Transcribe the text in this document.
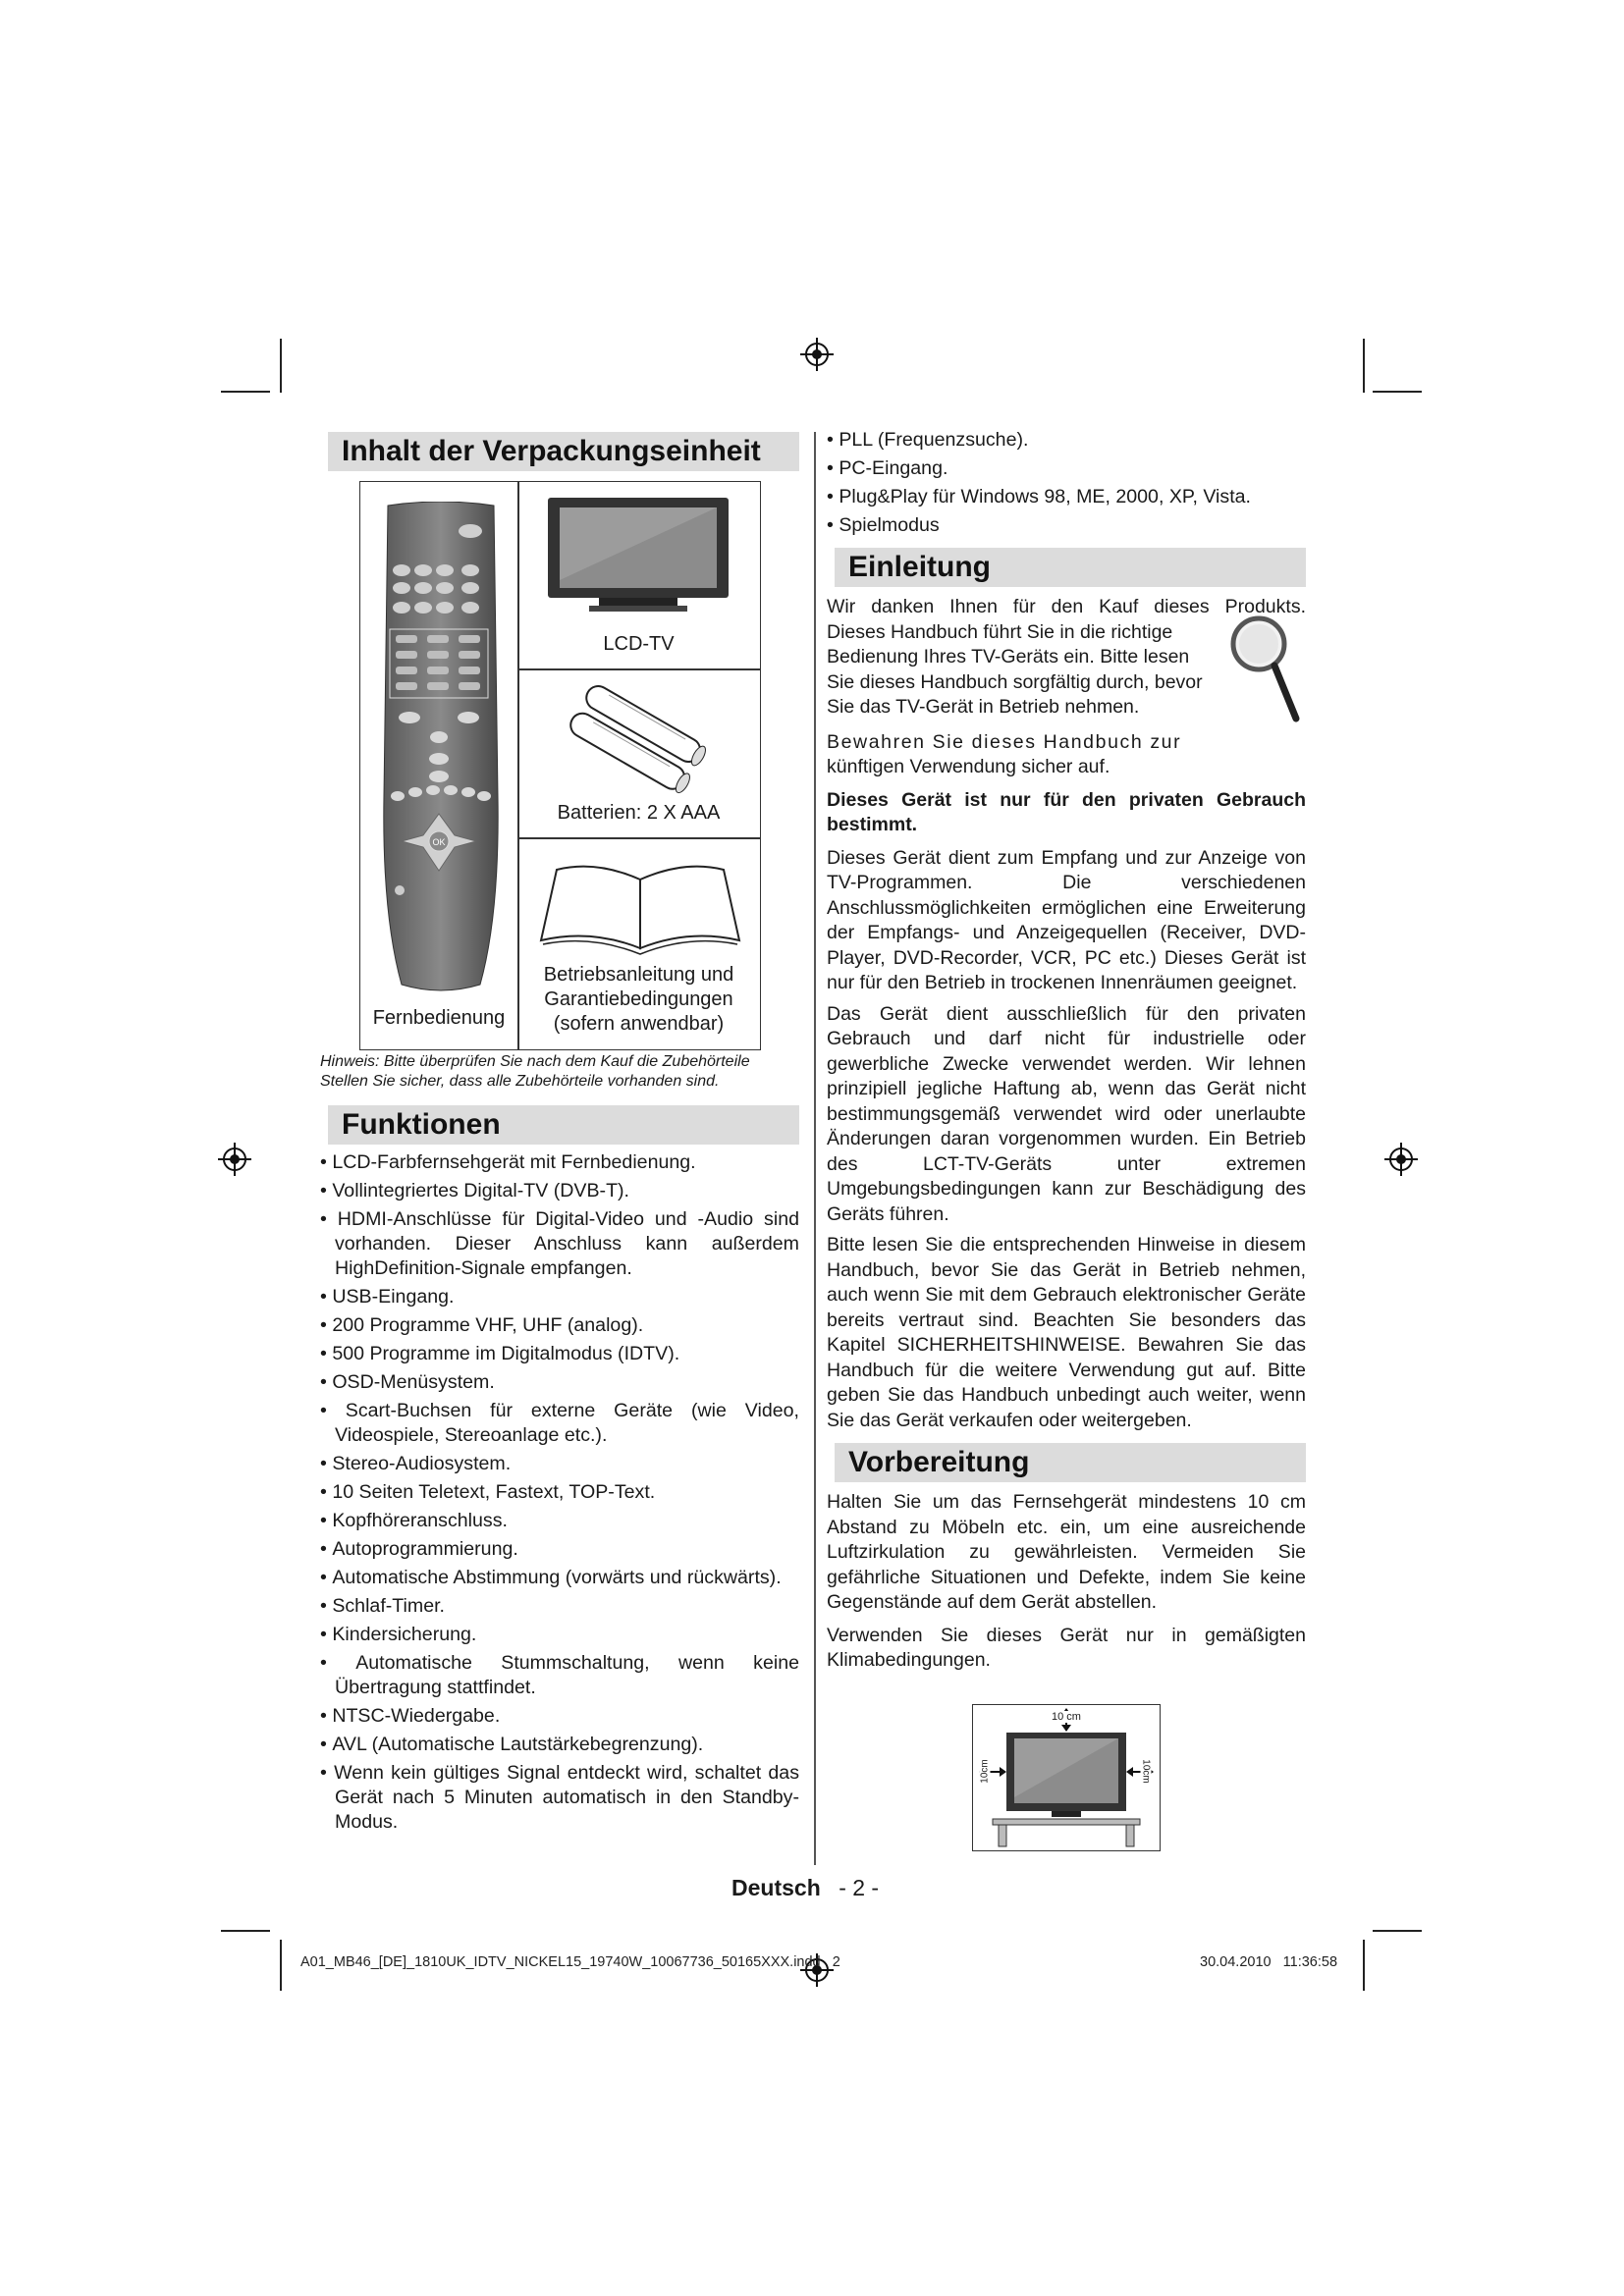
Inhalt der Verpackungseinheit
OK
Fernbedienung
LCD-TV
Batterien: 2 X AAA
Betriebsanleitung und
Garantiebedingungen
(sofern anwendbar)
Hinweis: Bitte überprüfen Sie nach dem Kauf die Zubehörteile
Stellen Sie sicher, dass alle Zubehörteile vorhanden sind.
Funktionen
• LCD-Farbfernsehgerät mit Fernbedienung.
• Vollintegriertes Digital-TV (DVB-T).
• HDMI-Anschlüsse für Digital-Video und -Audio sind vorhanden. Dieser Anschluss kann außerdem HighDefinition-Signale empfangen.
• USB-Eingang.
• 200 Programme VHF, UHF (analog).
• 500 Programme im Digitalmodus (IDTV).
• OSD-Menüsystem.
• Scart-Buchsen für externe Geräte (wie Video, Videospiele, Stereoanlage etc.).
• Stereo-Audiosystem.
• 10 Seiten Teletext, Fastext, TOP-Text.
• Kopfhöreranschluss.
• Autoprogrammierung.
• Automatische Abstimmung (vorwärts und rückwärts).
• Schlaf-Timer.
• Kindersicherung.
• Automatische Stummschaltung, wenn keine Übertragung stattfindet.
• NTSC-Wiedergabe.
• AVL (Automatische Lautstärkebegrenzung).
• Wenn kein gültiges Signal entdeckt wird, schaltet das Gerät nach 5 Minuten automatisch in den Standby-Modus.
• PLL (Frequenzsuche).
• PC-Eingang.
• Plug&Play für Windows 98, ME, 2000, XP, Vista.
• Spielmodus
Einleitung
Wir danken Ihnen für den Kauf dieses Produkts.
Dieses Handbuch führt Sie in die richtige
Bedienung Ihres TV-Geräts ein. Bitte lesen
Sie dieses Handbuch sorgfältig durch, bevor
Sie das TV-Gerät in Betrieb nehmen.
Bewahren Sie dieses Handbuch zur
künftigen Verwendung sicher auf.

Dieses Gerät ist nur für den privaten Gebrauch bestimmt.

Dieses Gerät dient zum Empfang und zur Anzeige von TV-Programmen. Die verschiedenen Anschlussmöglichkeiten ermöglichen eine Erweiterung der Empfangs- und Anzeigequellen (Receiver, DVD-Player, DVD-Recorder, VCR, PC etc.) Dieses Gerät ist nur für den Betrieb in trockenen Innenräumen geeignet.

Das Gerät dient ausschließlich für den privaten Gebrauch und darf nicht für industrielle oder gewerbliche Zwecke verwendet werden. Wir lehnen prinzipiell jegliche Haftung ab, wenn das Gerät nicht bestimmungsgemäß verwendet wird oder unerlaubte Änderungen daran vorgenommen wurden. Ein Betrieb des LCT-TV-Geräts unter extremen Umgebungsbedingungen kann zur Beschädigung des Geräts führen.

Bitte lesen Sie die entsprechenden Hinweise in diesem Handbuch, bevor Sie das Gerät in Betrieb nehmen, auch wenn Sie mit dem Gebrauch elektronischer Geräte bereits vertraut sind. Beachten Sie besonders das Kapitel SICHERHEITSHINWEISE. Bewahren Sie das Handbuch für die weitere Verwendung gut auf. Bitte geben Sie das Handbuch unbedingt auch weiter, wenn Sie das Gerät verkaufen oder weitergeben.

Vorbereitung

Halten Sie um das Fernsehgerät mindestens 10 cm Abstand zu Möbeln etc. ein, um eine ausreichende Luftzirkulation zu gewährleisten. Vermeiden Sie gefährliche Situationen und Defekte, indem Sie keine Gegenstände auf dem Gerät abstellen.

Verwenden Sie dieses Gerät nur in gemäßigten Klimabedingungen.

10 cm
10cm	10cm
Deutsch - 2 -
A01_MB46_[DE]_1810UK_IDTV_NICKEL15_19740W_10067736_50165XXX.indd   2	30.04.2010   11:36:58
